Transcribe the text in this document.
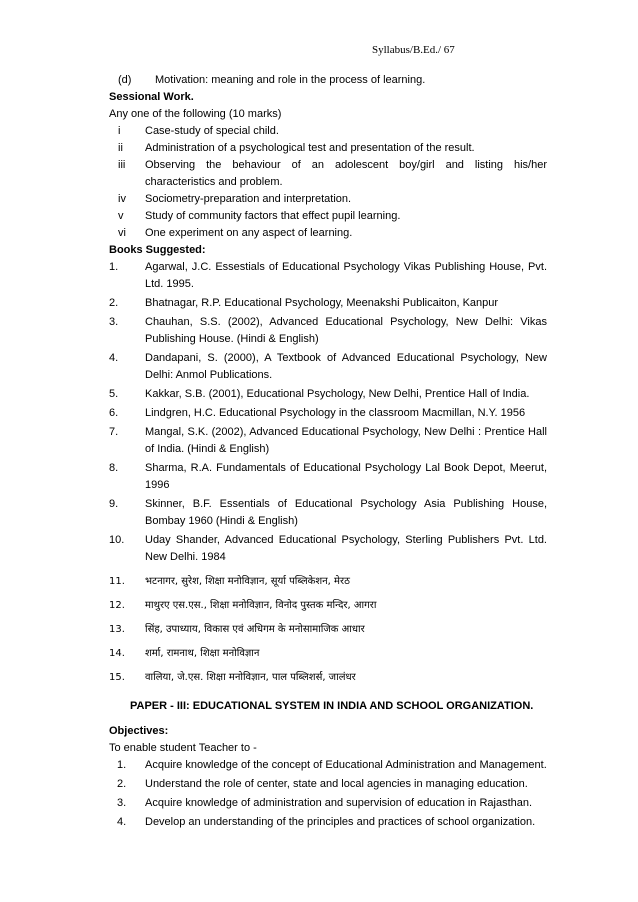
Syllabus/B.Ed./ 67
(d)	Motivation: meaning and role in the process of learning.
Sessional Work.
Any one of the following (10 marks)
i	Case-study of special child.
ii	Administration of a psychological test and presentation of the result.
iii	Observing the behaviour of an adolescent boy/girl and listing his/her characteristics and problem.
iv	Sociometry-preparation and interpretation.
v	Study of community factors that effect pupil learning.
vi	One experiment on any aspect of learning.
Books Suggested:
1.	Agarwal, J.C. Essestials of Educational Psychology Vikas Publishing House, Pvt. Ltd. 1995.
2.	Bhatnagar, R.P. Educational Psychology, Meenakshi Publicaiton, Kanpur
3.	Chauhan, S.S. (2002), Advanced Educational Psychology, New Delhi: Vikas Publishing House. (Hindi & English)
4.	Dandapani, S. (2000), A Textbook of Advanced Educational Psychology, New Delhi: Anmol Publications.
5.	Kakkar, S.B. (2001), Educational Psychology, New Delhi, Prentice Hall of India.
6.	Lindgren, H.C. Educational Psychology in the classroom Macmillan, N.Y. 1956
7.	Mangal, S.K. (2002), Advanced Educational Psychology, New Delhi : Prentice Hall of India. (Hindi & English)
8.	Sharma, R.A. Fundamentals of Educational Psychology Lal Book Depot, Meerut, 1996
9.	Skinner, B.F. Essentials of Educational Psychology Asia Publishing House, Bombay 1960 (Hindi & English)
10.	Uday Shander, Advanced Educational Psychology, Sterling Publishers Pvt. Ltd. New Delhi. 1984
11.	भटनागर, सुरेश, शिक्षा मनोविज्ञान, सूर्या पब्लिकेशन, मेरठ
12.	माथुरए एस.एस., शिक्षा मनोविज्ञान, विनोद पुस्तक मन्दिर, आगरा
13.	सिंह, उपाध्याय, विकास एवं अधिगम के मनोसामाजिक आधार
14.	शर्मा, रामनाथ, शिक्षा मनोविज्ञान
15.	वालिया, जे.एस. शिक्षा मनोविज्ञान, पाल पब्लिशर्स, जालंधर
PAPER - III: EDUCATIONAL SYSTEM IN INDIA AND SCHOOL ORGANIZATION.
Objectives:
To enable student Teacher to -
1.	Acquire knowledge of the concept of Educational Administration and Management.
2.	Understand the role of center, state and local agencies in managing education.
3.	Acquire knowledge of administration and supervision of education in Rajasthan.
4.	Develop an understanding of the principles and practices of school organization.
